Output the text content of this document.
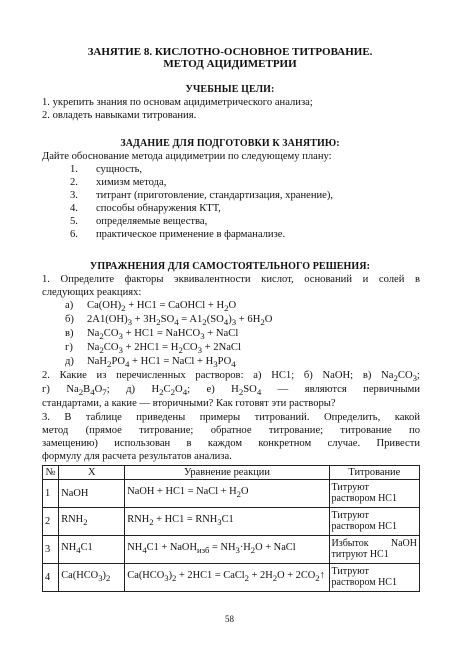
ЗАНЯТИЕ 8. КИСЛОТНО-ОСНОВНОЕ ТИТРОВАНИЕ.
МЕТОД АЦИДИМЕТРИИ
УЧЕБНЫЕ ЦЕЛИ:
1. укрепить знания по основам ацидиметрического анализа;
2. овладеть навыками титрования.
ЗАДАНИЕ ДЛЯ ПОДГОТОВКИ К ЗАНЯТИЮ:
Дайте обоснование метода ацидиметрии по следующему плану:
1. сущность,
2. химизм метода,
3. титрант (приготовление, стандартизация, хранение),
4. способы обнаружения КТТ,
5. определяемые вещества,
6. практическое применение в фарманализе.
УПРАЖНЕНИЯ ДЛЯ САМОСТОЯТЕЛЬНОГО РЕШЕНИЯ:
1. Определите факторы эквивалентности кислот, оснований и солей в
следующих реакциях:
а) $Ca(OH)_2 + HC1$ = CaOHCl + $H_2O$
б) $2A1(OH)_3 + 3H_2SO_4 = A1_2(SO_4)_3 + 6H_2O$
в) $Na_2CO_3 + HC1$ = NaHCO$_3$ + NaCl
г) $Na_2CO_3 + 2HC1 = H_2CO_3$ + 2NaCl
д) $NaH_2PO_4 + HC1$ = NaCl + $H_3PO_4$
2. Какие из перечисленных растворов: а) HC1; б) NaOH; в) $Na_2CO_3$;
г) $Na_2B_4O_7$; д) $H_2C_2O_4$; е) $H_2SO_4$ — являются первичными
стандартами, а какие — вторичными? Как готовят эти растворы?
3. В таблице приведены примеры титрований. Определить, какой
метод (прямое титрование; обратное титрование; титрование по
замещению) использован в каждом конкретном случае. Привести
формулу для расчета результатов анализа.
№	Х	Уравнение реакции	Титрование
1	NaOH	NaOH + HC1 = NaCl + $H_2O$	Титруют
раствором HC1
2	$RNH_2$	$RNH_2 + HC1 = RNH_3C1$	Титруют
раствором HC1
3	$NH_4C1$	$NH_4C1$ + NaOH$_{изб}$ = $NH_3\cdot H_2O$ + NaCl	Избыток NaOH
титруют HC1
4	$Ca(HCO_3)_2$	$Ca(HCO_3)_2 + 2HC1$ = CaCl$_2$ + $2H_2O$ + $2CO_2↑$	Титруют
раствором HC1
58
